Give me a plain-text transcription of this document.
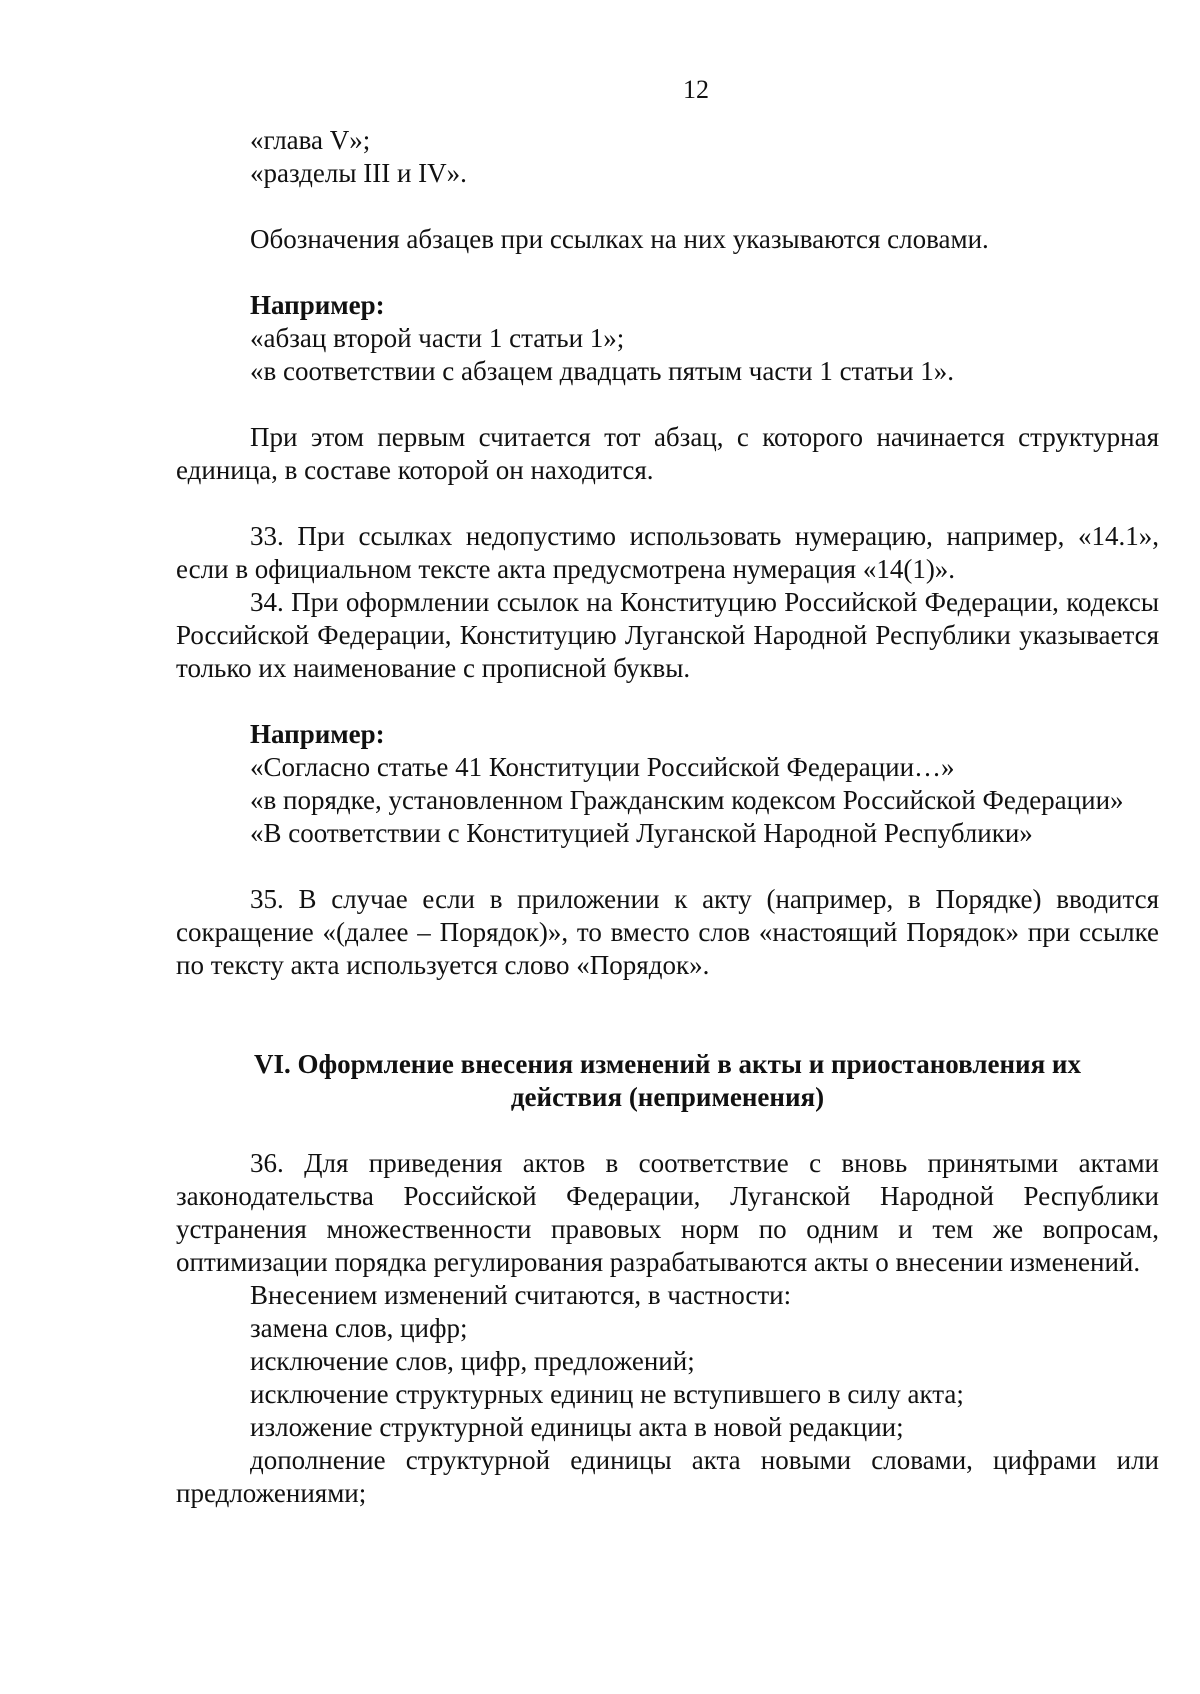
12

«глава V»;

«разделы III и IV».

Обозначения абзацев при ссылках на них указываются словами.

Например:

«абзац второй части 1 статьи 1»;

«в соответствии с абзацем двадцать пятым части 1 статьи 1».

При этом первым считается тот абзац, с которого начинается структурная единица, в составе которой он находится.

33. При ссылках недопустимо использовать нумерацию, например, «14.1», если в официальном тексте акта предусмотрена нумерация «14(1)».

34. При оформлении ссылок на Конституцию Российской Федерации, кодексы Российской Федерации, Конституцию Луганской Народной Республики указывается только их наименование с прописной буквы.

Например:

«Согласно статье 41 Конституции Российской Федерации…»

«в порядке, установленном Гражданским кодексом Российской Федерации»

«В соответствии с Конституцией Луганской Народной Республики»

35. В случае если в приложении к акту (например, в Порядке) вводится сокращение «(далее – Порядок)», то вместо слов «настоящий Порядок» при ссылке по тексту акта используется слово «Порядок».

VI. Оформление внесения изменений в акты и приостановления их действия (неприменения)

36. Для приведения актов в соответствие с вновь принятыми актами законодательства Российской Федерации, Луганской Народной Республики устранения множественности правовых норм по одним и тем же вопросам, оптимизации порядка регулирования разрабатываются акты о внесении изменений.

Внесением изменений считаются, в частности:

замена слов, цифр;

исключение слов, цифр, предложений;

исключение структурных единиц не вступившего в силу акта;

изложение структурной единицы акта в новой редакции;

дополнение структурной единицы акта новыми словами, цифрами или предложениями;
